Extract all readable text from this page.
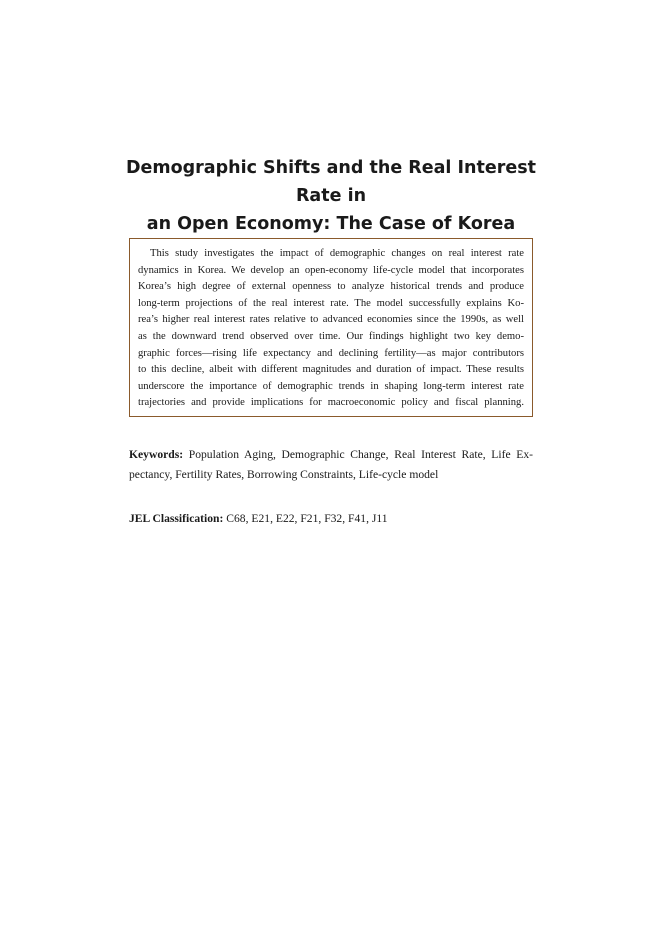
Demographic Shifts and the Real Interest Rate in
an Open Economy: The Case of Korea
This study investigates the impact of demographic changes on real interest rate
dynamics in Korea. We develop an open-economy life-cycle model that incorporates
Korea’s high degree of external openness to analyze historical trends and produce
long-term projections of the real interest rate. The model successfully explains Ko-
rea’s higher real interest rates relative to advanced economies since the 1990s, as well
as the downward trend observed over time. Our findings highlight two key demo-
graphic forces—rising life expectancy and declining fertility—as major contributors
to this decline, albeit with different magnitudes and duration of impact. These results
underscore the importance of demographic trends in shaping long-term interest rate
trajectories and provide implications for macroeconomic policy and fiscal planning.

Keywords: Population Aging, Demographic Change, Real Interest Rate, Life Ex-
pectancy, Fertility Rates, Borrowing Constraints, Life-cycle model

JEL Classification: C68, E21, E22, F21, F32, F41, J11
